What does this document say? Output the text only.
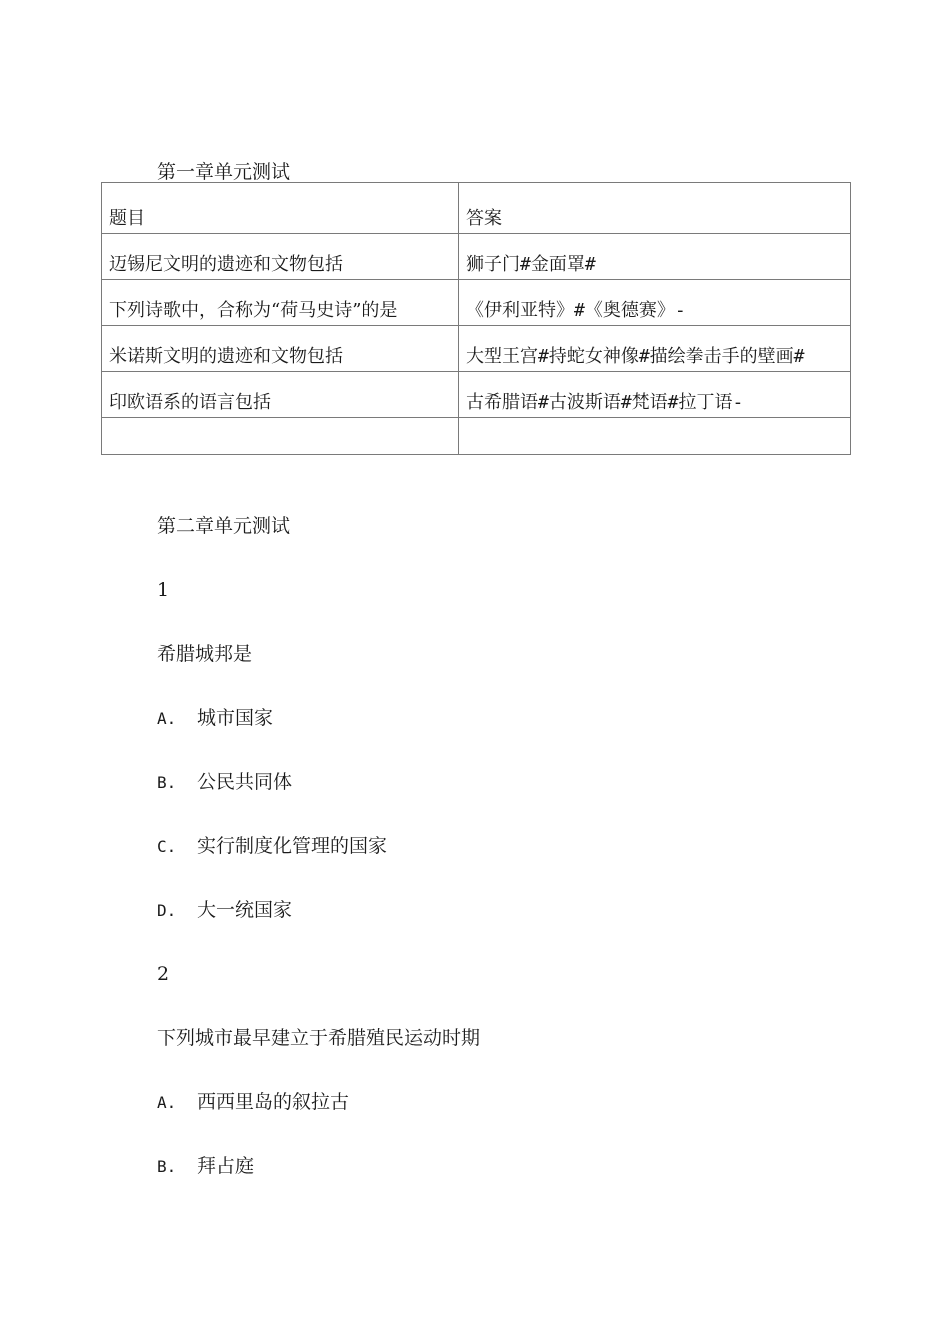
第一章单元测试
题目	答案
迈锡尼文明的遗迹和文物包括	狮子门#金面罩#
下列诗歌中，合称为“荷马史诗”的是	《伊利亚特》#《奥德赛》-
米诺斯文明的遗迹和文物包括	大型王宫#持蛇女神像#描绘拳击手的壁画#
印欧语系的语言包括	古希腊语#古波斯语#梵语#拉丁语-

第二章单元测试
1
希腊城邦是
A. 城市国家
B. 公民共同体
C. 实行制度化管理的国家
D. 大一统国家
2
下列城市最早建立于希腊殖民运动时期
A. 西西里岛的叙拉古
B. 拜占庭
